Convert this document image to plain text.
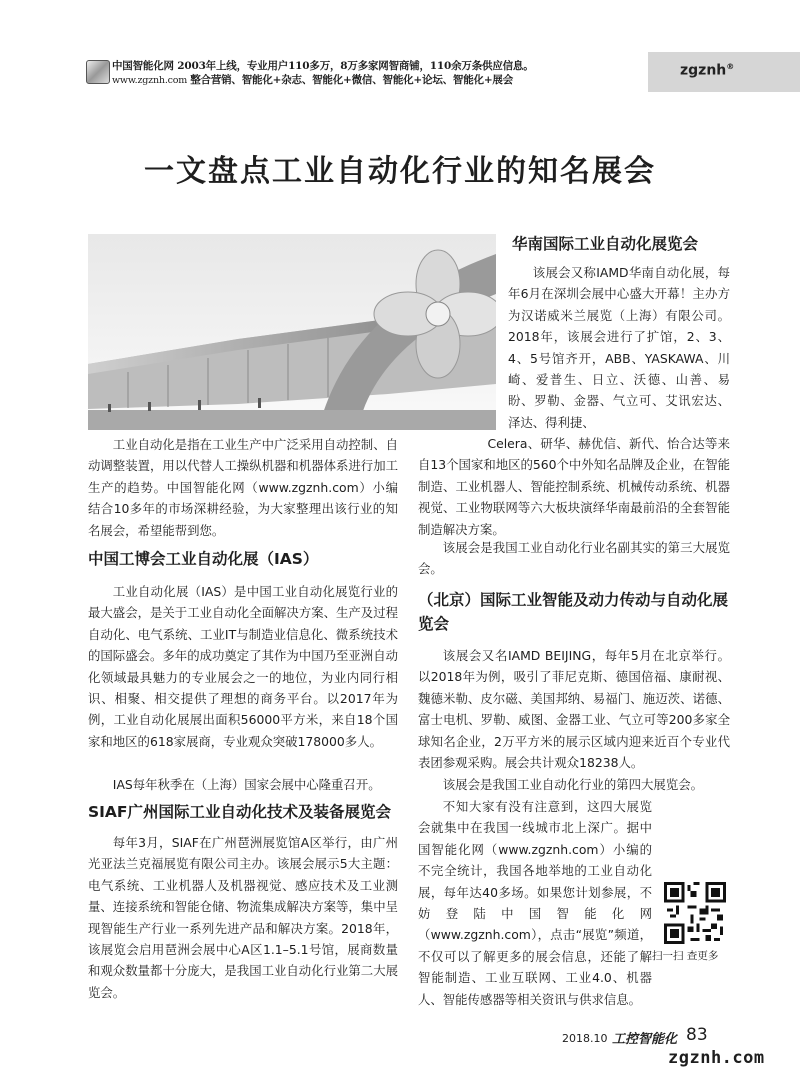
中国智能化网 2003年上线，专业用户110多万，8万多家网智商铺，110余万条供应信息。
www.zgznh.com 整合营销、智能化+杂志、智能化+微信、智能化+论坛、智能化+展会
zgznh®
一文盘点工业自动化行业的知名展会

工业自动化是指在工业生产中广泛采用自动控制、自动调整装置，用以代替人工操纵机器和机器体系进行加工生产的趋势。中国智能化网（www.zgznh.com）小编结合10多年的市场深耕经验，为大家整理出该行业的知名展会，希望能帮到您。

中国工博会工业自动化展（IAS）

工业自动化展（IAS）是中国工业自动化展览行业的最大盛会，是关于工业自动化全面解决方案、生产及过程自动化、电气系统、工业IT与制造业信息化、微系统技术的国际盛会。多年的成功奠定了其作为中国乃至亚洲自动化领域最具魅力的专业展会之一的地位，为业内同行相识、相聚、相交提供了理想的商务平台。以2017年为例，工业自动化展展出面积56000平方米，来自18个国家和地区的618家展商，专业观众突破178000多人。

IAS每年秋季在（上海）国家会展中心隆重召开。

SIAF广州国际工业自动化技术及装备展览会

每年3月，SIAF在广州琶洲展览馆A区举行，由广州光亚法兰克福展览有限公司主办。该展会展示5大主题：电气系统、工业机器人及机器视觉、感应技术及工业测量、连接系统和智能仓储、物流集成解决方案等，集中呈现智能生产行业一系列先进产品和解决方案。2018年，该展览会启用琶洲会展中心A区1.1–5.1号馆，展商数量和观众数量都十分庞大，是我国工业自动化行业第二大展览会。

华南国际工业自动化展览会

该展会又称IAMD华南自动化展，每年6月在深圳会展中心盛大开幕！主办方为汉诺威米兰展览（上海）有限公司。2018年，该展会进行了扩馆，2、3、4、5号馆齐开，ABB、YASKAWA、川崎、爱普生、日立、沃德、山善、易盼、罗勒、金器、气立可、艾讯宏达、泽达、得利捷、

Celera、研华、赫优信、新代、怡合达等来自13个国家和地区的560个中外知名品牌及企业，在智能制造、工业机器人、智能控制系统、机械传动系统、机器视觉、工业物联网等六大板块演绎华南最前沿的全套智能制造解决方案。

该展会是我国工业自动化行业名副其实的第三大展览会。

（北京）国际工业智能及动力传动与自动化展览会

该展会又名IAMD BEIJING，每年5月在北京举行。以2018年为例，吸引了菲尼克斯、德国倍福、康耐视、魏德米勒、皮尔磁、美国邦纳、易福门、施迈茨、诺德、富士电机、罗勒、威图、金器工业、气立可等200多家全球知名企业，2万平方米的展示区域内迎来近百个专业代表团参观采购。展会共计观众18238人。

该展会是我国工业自动化行业的第四大展览会。

不知大家有没有注意到，这四大展览会就集中在我国一线城市北上深广。据中国智能化网（www.zgznh.com）小编的不完全统计，我国各地举地的工业自动化展，每年达40多场。如果您计划参展，不妨登陆中国智能化网（www.zgznh.com），点击“展览”频道，不仅可以了解更多的展会信息，还能了解智能制造、工业互联网、工业4.0、机器人、智能传感器等相关资讯与供求信息。

扫一扫 查更多
2018.10 工控智能化 83
zgznh.com
